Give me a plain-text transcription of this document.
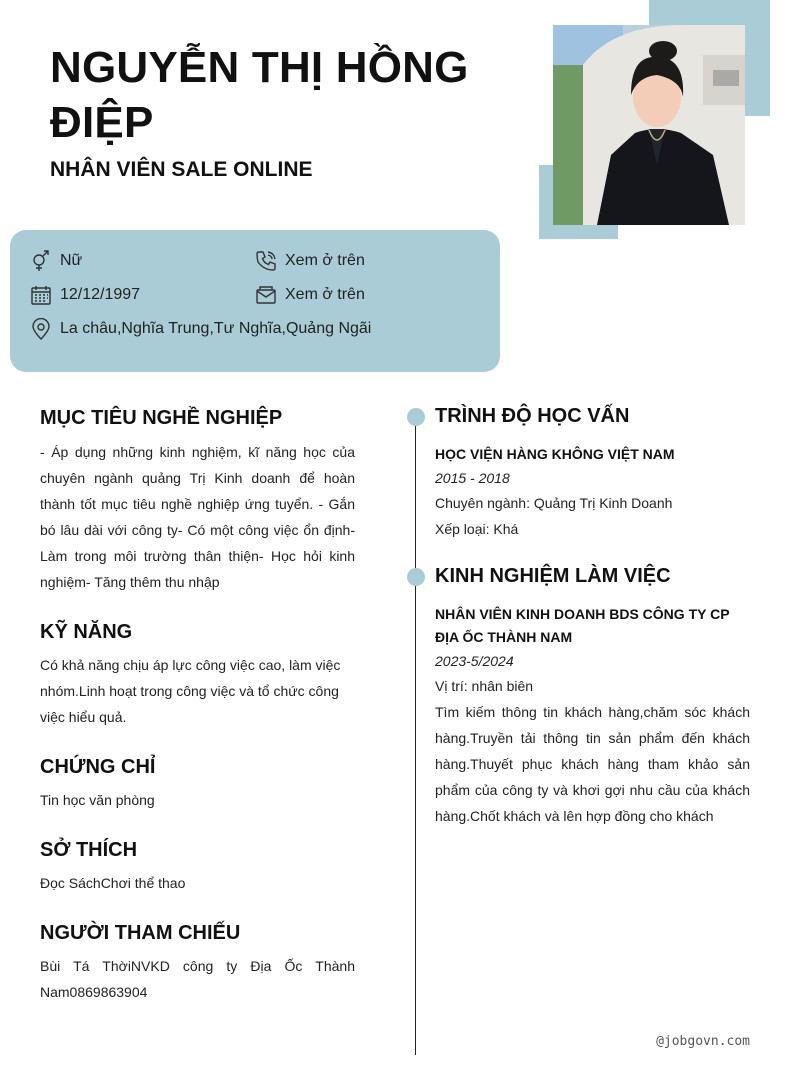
NGUYỄN THỊ HỒNG ĐIỆP
NHÂN VIÊN SALE ONLINE
Nữ
12/12/1997
La châu,Nghĩa Trung,Tư Nghĩa,Quảng Ngãi
Xem ở trên
Xem ở trên
MỤC TIÊU NGHỀ NGHIỆP
- Áp dụng những kinh nghiệm, kĩ năng học của chuyên ngành quảng Trị Kinh doanh để hoàn thành tốt mục tiêu nghề nghiệp ứng tuyển. - Gắn bó lâu dài với công ty- Có một công việc ổn định- Làm trong môi trường thân thiện- Học hỏi kinh nghiệm- Tăng thêm thu nhập
KỸ NĂNG
Có khả năng chịu áp lực công việc cao, làm việc nhóm.Linh hoạt trong công việc và tổ chức công việc hiểu quả.
CHỨNG CHỈ
Tin học văn phòng
SỞ THÍCH
Đọc SáchChơi thể thao
NGƯỜI THAM CHIẾU
Bùi Tá ThờiNVKD công ty Địa Ốc Thành Nam0869863904
TRÌNH ĐỘ HỌC VẤN
HỌC VIỆN HÀNG KHÔNG VIỆT NAM
2015 - 2018
Chuyên ngành: Quảng Trị Kinh Doanh
Xếp loại: Khá
KINH NGHIỆM LÀM VIỆC
NHÂN VIÊN KINH DOANH BDS CÔNG TY CP ĐỊA ỐC THÀNH NAM
2023-5/2024
Vị trí: nhân biên
Tìm kiếm thông tin khách hàng,chăm sóc khách hàng.Truyền tải thông tin sản phẩm đến khách hàng.Thuyết phục khách hàng tham khảo sản phẩm của công ty và khơi gợi nhu cầu của khách hàng.Chốt khách và lên hợp đồng cho khách
@jobgovn.com
